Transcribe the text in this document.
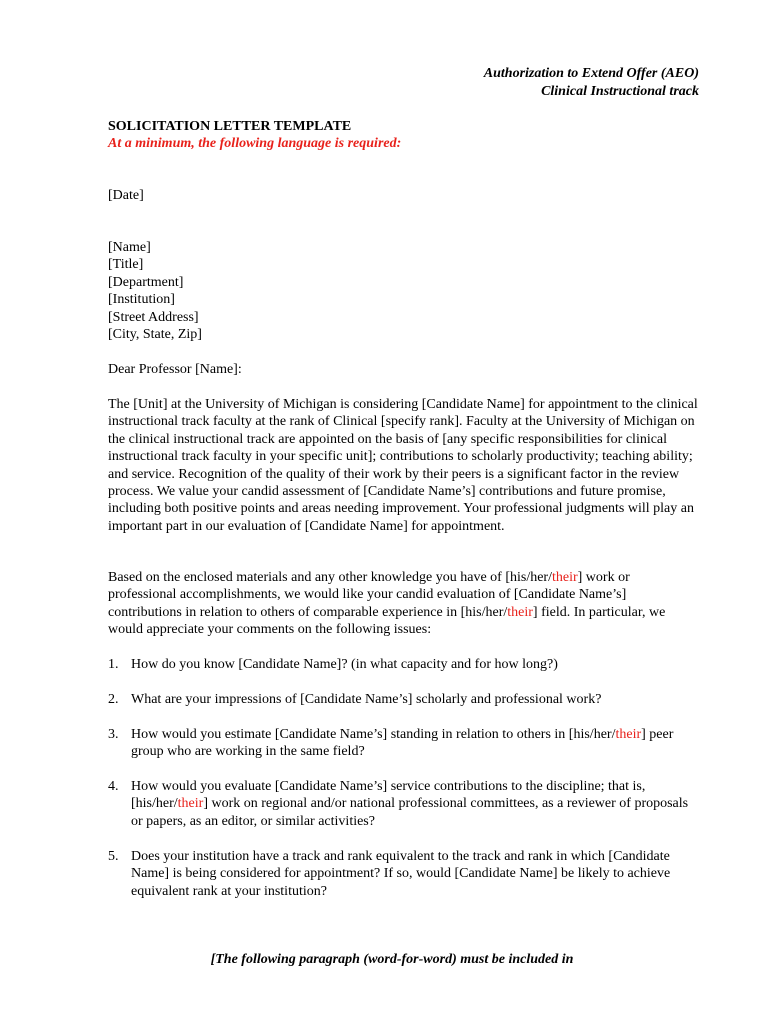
Authorization to Extend Offer (AEO)
Clinical Instructional track
SOLICITATION LETTER TEMPLATE
At a minimum, the following language is required:
[Date]
[Name]
[Title]
[Department]
[Institution]
[Street Address]
[City, State, Zip]
Dear Professor [Name]:
The [Unit] at the University of Michigan is considering [Candidate Name] for appointment to the clinical instructional track faculty at the rank of Clinical [specify rank]. Faculty at the University of Michigan on the clinical instructional track are appointed on the basis of [any specific responsibilities for clinical instructional track faculty in your specific unit]; contributions to scholarly productivity; teaching ability; and service. Recognition of the quality of their work by their peers is a significant factor in the review process. We value your candid assessment of [Candidate Name’s] contributions and future promise, including both positive points and areas needing improvement. Your professional judgments will play an important part in our evaluation of [Candidate Name] for appointment.
Based on the enclosed materials and any other knowledge you have of [his/her/their] work or professional accomplishments, we would like your candid evaluation of [Candidate Name’s] contributions in relation to others of comparable experience in [his/her/their] field. In particular, we would appreciate your comments on the following issues:
1. How do you know [Candidate Name]? (in what capacity and for how long?)
2. What are your impressions of [Candidate Name’s] scholarly and professional work?
3. How would you estimate [Candidate Name’s] standing in relation to others in [his/her/their] peer group who are working in the same field?
4. How would you evaluate [Candidate Name’s] service contributions to the discipline; that is, [his/her/their] work on regional and/or national professional committees, as a reviewer of proposals or papers, as an editor, or similar activities?
5. Does your institution have a track and rank equivalent to the track and rank in which [Candidate Name] is being considered for appointment? If so, would [Candidate Name] be likely to achieve equivalent rank at your institution?
[The following paragraph (word-for-word) must be included in
